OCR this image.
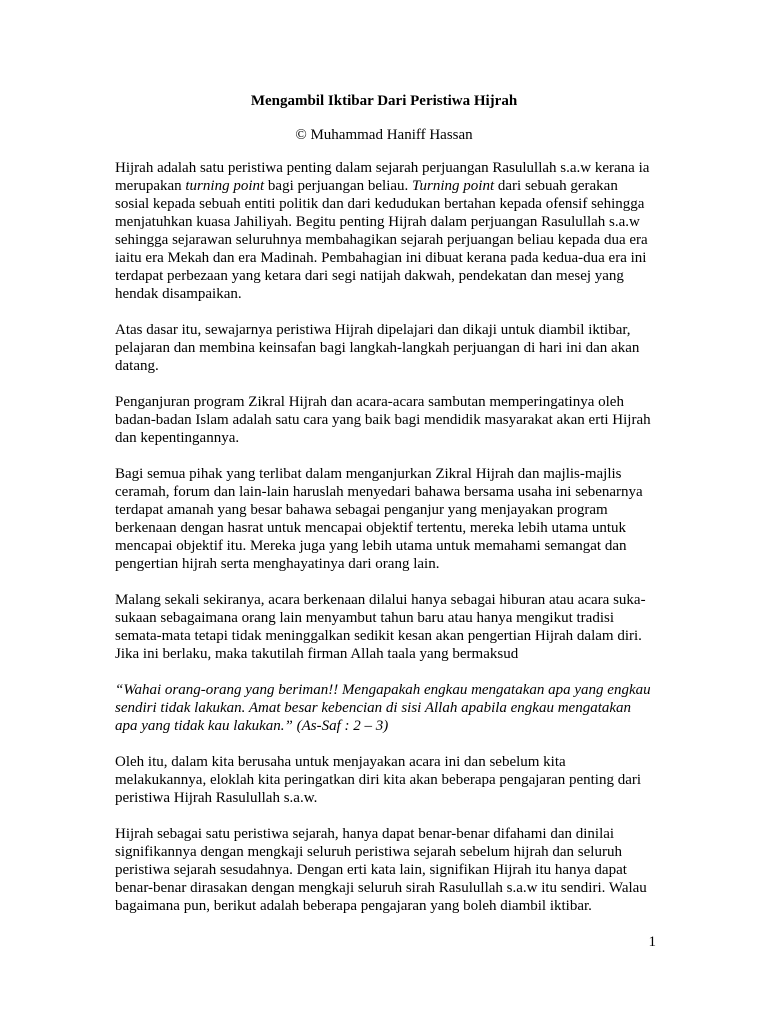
Mengambil Iktibar Dari Peristiwa Hijrah
© Muhammad Haniff Hassan

Hijrah adalah satu peristiwa penting dalam sejarah perjuangan Rasulullah s.a.w kerana ia
merupakan turning point bagi perjuangan beliau. Turning point dari sebuah gerakan
sosial kepada sebuah entiti politik dan dari kedudukan bertahan kepada ofensif sehingga
menjatuhkan kuasa Jahiliyah. Begitu penting Hijrah dalam perjuangan Rasulullah s.a.w
sehingga sejarawan seluruhnya membahagikan sejarah perjuangan beliau kepada dua era
iaitu era Mekah dan era Madinah. Pembahagian ini dibuat kerana pada kedua-dua era ini
terdapat perbezaan yang ketara dari segi natijah dakwah, pendekatan dan mesej yang
hendak disampaikan.

Atas dasar itu, sewajarnya peristiwa Hijrah dipelajari dan dikaji untuk diambil iktibar,
pelajaran dan membina keinsafan bagi langkah-langkah perjuangan di hari ini dan akan
datang.

Penganjuran program Zikral Hijrah dan acara-acara sambutan memperingatinya oleh
badan-badan Islam adalah satu cara yang baik bagi mendidik masyarakat akan erti Hijrah
dan kepentingannya.

Bagi semua pihak yang terlibat dalam menganjurkan Zikral Hijrah dan majlis-majlis
ceramah, forum dan lain-lain haruslah menyedari bahawa bersama usaha ini sebenarnya
terdapat amanah yang besar bahawa sebagai penganjur yang menjayakan program
berkenaan dengan hasrat untuk mencapai objektif tertentu, mereka lebih utama untuk
mencapai objektif itu. Mereka juga yang lebih utama untuk memahami semangat dan
pengertian hijrah serta menghayatinya dari orang lain.

Malang sekali sekiranya, acara berkenaan dilalui hanya sebagai hiburan atau acara suka-
sukaan sebagaimana orang lain menyambut tahun baru atau hanya mengikut tradisi
semata-mata tetapi tidak meninggalkan sedikit kesan akan pengertian Hijrah dalam diri.
Jika ini berlaku, maka takutilah firman Allah taala yang bermaksud

“Wahai orang-orang yang beriman!! Mengapakah engkau mengatakan apa yang engkau
sendiri tidak lakukan. Amat besar kebencian di sisi Allah apabila engkau mengatakan
apa yang tidak kau lakukan.” (As-Saf : 2 – 3)

Oleh itu, dalam kita berusaha untuk menjayakan acara ini dan sebelum kita
melakukannya, eloklah kita peringatkan diri kita akan beberapa pengajaran penting dari
peristiwa Hijrah Rasulullah s.a.w.

Hijrah sebagai satu peristiwa sejarah, hanya dapat benar-benar difahami dan dinilai
signifikannya dengan mengkaji seluruh peristiwa sejarah sebelum hijrah dan seluruh
peristiwa sejarah sesudahnya. Dengan erti kata lain, signifikan Hijrah itu hanya dapat
benar-benar dirasakan dengan mengkaji seluruh sirah Rasulullah s.a.w itu sendiri. Walau
bagaimana pun, berikut adalah beberapa pengajaran yang boleh diambil iktibar.

1
